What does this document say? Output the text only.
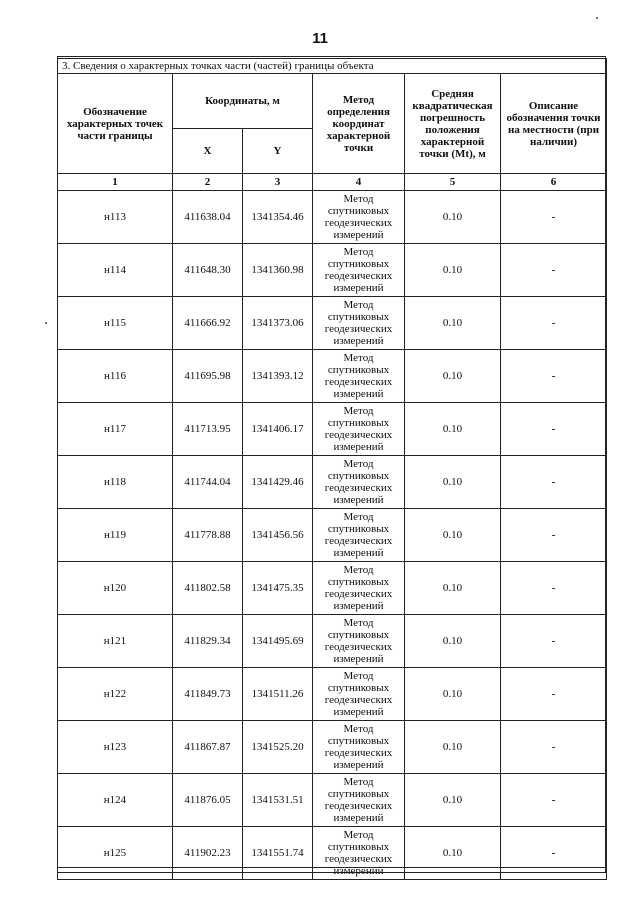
11
3. Сведения о характерных точках части (частей) границы объекта					
Обозначение характерных точек части границы	Координаты, м		Метод определения координат характерной точки	Средняя квадратическая погрешность положения характерной точки (Mt), м	Описание обозначения точки на местности (при наличии)
	X	Y			
1	2	3	4	5	6
н113	411638.04	1341354.46	Метод спутниковых геодезических измерений	0.10	-
н114	411648.30	1341360.98	Метод спутниковых геодезических измерений	0.10	-
н115	411666.92	1341373.06	Метод спутниковых геодезических измерений	0.10	-
н116	411695.98	1341393.12	Метод спутниковых геодезических измерений	0.10	-
н117	411713.95	1341406.17	Метод спутниковых геодезических измерений	0.10	-
н118	411744.04	1341429.46	Метод спутниковых геодезических измерений	0.10	-
н119	411778.88	1341456.56	Метод спутниковых геодезических измерений	0.10	-
н120	411802.58	1341475.35	Метод спутниковых геодезических измерений	0.10	-
н121	411829.34	1341495.69	Метод спутниковых геодезических измерений	0.10	-
н122	411849.73	1341511.26	Метод спутниковых геодезических измерений	0.10	-
н123	411867.87	1341525.20	Метод спутниковых геодезических измерений	0.10	-
н124	411876.05	1341531.51	Метод спутниковых геодезических измерений	0.10	-
н125	411902.23	1341551.74	Метод спутниковых геодезических измерений	0.10	-
